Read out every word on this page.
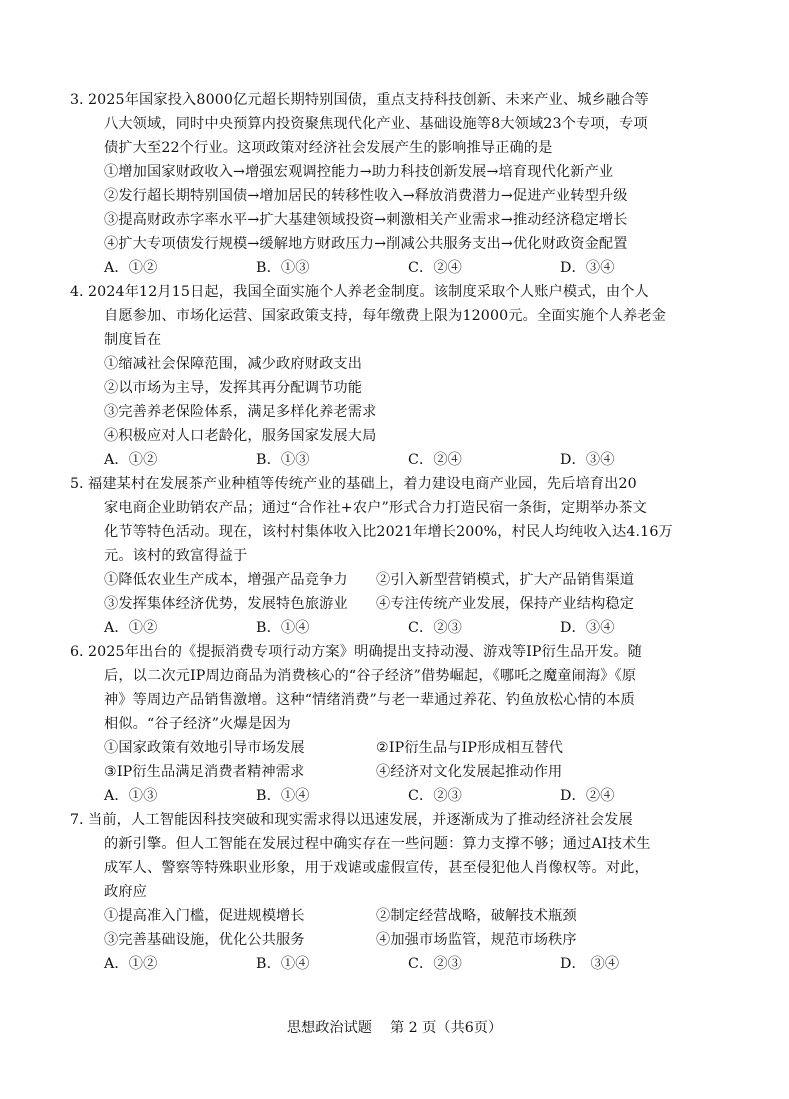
3．
2025年国家投入8000亿元超长期特别国债，重点支持科技创新、未来产业、城乡融合等
八大领域，同时中央预算内投资聚焦现代化产业、基础设施等8大领域23个专项，专项
债扩大至22个行业。这项政策对经济社会发展产生的影响推导正确的是
①增加国家财政收入→增强宏观调控能力→助力科技创新发展→培育现代化新产业
②发行超长期特别国债→增加居民的转移性收入→释放消费潜力→促进产业转型升级
③提高财政赤字率水平→扩大基建领域投资→刺激相关产业需求→推动经济稳定增长
④扩大专项债发行规模→缓解地方财政压力→削减公共服务支出→优化财政资金配置
A．①②	B．①③	C．②④	D．③④
4．
2024年12月15日起，我国全面实施个人养老金制度。该制度采取个人账户模式，由个人
自愿参加、市场化运营、国家政策支持，每年缴费上限为12000元。全面实施个人养老金
制度旨在
①缩减社会保障范围，减少政府财政支出
②以市场为主导，发挥其再分配调节功能
③完善养老保险体系，满足多样化养老需求
④积极应对人口老龄化，服务国家发展大局
A．①②	B．①③	C．②④	D．③④
5．
福建某村在发展茶产业种植等传统产业的基础上，着力建设电商产业园，先后培育出20
家电商企业助销农产品；通过“合作社+农户”形式合力打造民宿一条街，定期举办茶文
化节等特色活动。现在，该村村集体收入比2021年增长200%，村民人均纯收入达4.16万
元。该村的致富得益于
①降低农业生产成本，增强产品竞争力	②引入新型营销模式，扩大产品销售渠道
③发挥集体经济优势，发展特色旅游业	④专注传统产业发展，保持产业结构稳定
A．①②	B．①④	C．②③	D．③④
6．
2025年出台的《提振消费专项行动方案》明确提出支持动漫、游戏等IP衍生品开发。随
后，以二次元IP周边商品为消费核心的“谷子经济”借势崛起，《哪吒之魔童闹海》《原
神》等周边产品销售激增。这种“情绪消费”与老一辈通过养花、钓鱼放松心情的本质
相似。“谷子经济”火爆是因为
①国家政策有效地引导市场发展	②IP衍生品与IP形成相互替代
③IP衍生品满足消费者精神需求	④经济对文化发展起推动作用
A．①③	B．①④	C．②③	D．②④
7．
当前，人工智能因科技突破和现实需求得以迅速发展，并逐渐成为了推动经济社会发展
的新引擎。但人工智能在发展过程中确实存在一些问题：算力支撑不够；通过AI技术生
成军人、警察等特殊职业形象，用于戏谑或虚假宣传，甚至侵犯他人肖像权等。对此，
政府应
①提高准入门槛，促进规模增长	②制定经营战略，破解技术瓶颈
③完善基础设施，优化公共服务	④加强市场监管，规范市场秩序
A．①②	B．①④	C．②③	D． ③④
思想政治试题    第 2 页（共6页）
